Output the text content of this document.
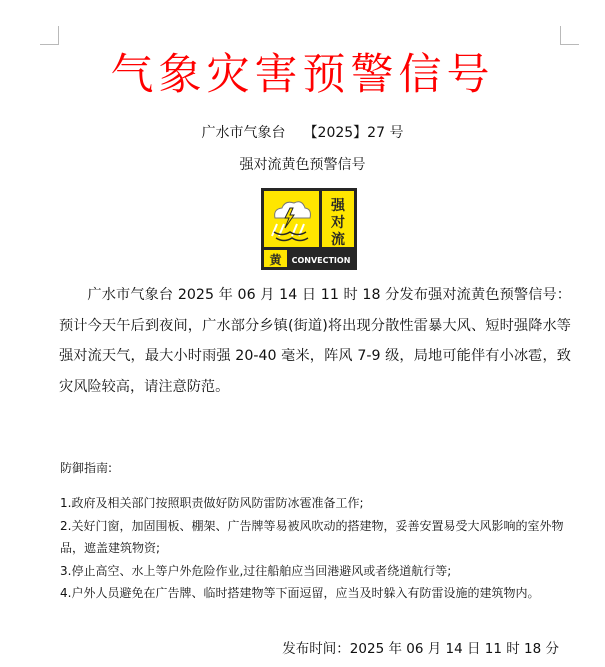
气象灾害预警信号
广水市气象台 【2025】27 号
强对流黄色预警信号
强
对
流
黄 CONVECTION
广水市气象台 2025 年 06 月 14 日 11 时 18 分发布强对流黄色预警信号：预计今天午后到夜间，广水部分乡镇(街道)将出现分散性雷暴大风、短时强降水等强对流天气，最大小时雨强 20-40 毫米，阵风 7-9 级，局地可能伴有小冰雹，致灾风险较高，请注意防范。
防御指南:
1.政府及相关部门按照职责做好防风防雷防冰雹准备工作;
2.关好门窗，加固围板、棚架、广告牌等易被风吹动的搭建物，妥善安置易受大风影响的室外物品，遮盖建筑物资;
3.停止高空、水上等户外危险作业,过往船舶应当回港避风或者绕道航行等;
4.户外人员避免在广告牌、临时搭建物等下面逗留，应当及时躲入有防雷设施的建筑物内。
发布时间：2025 年 06 月 14 日 11 时 18 分
